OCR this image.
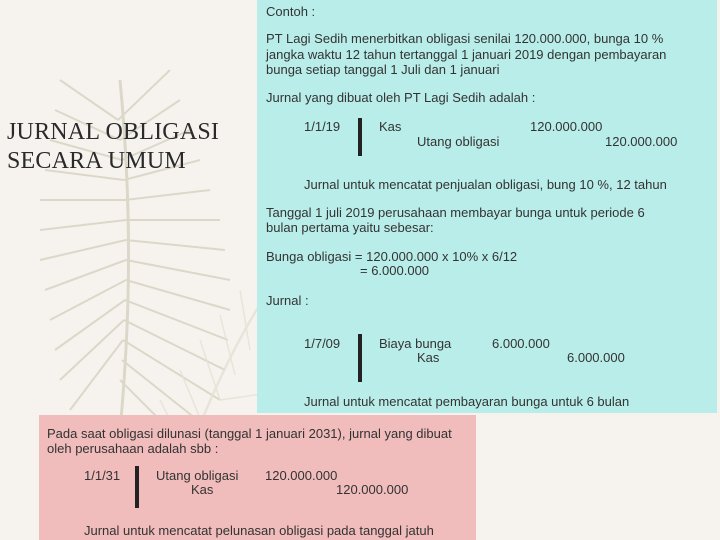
JURNAL OBLIGASI
SECARA UMUM
Contoh :
PT Lagi Sedih menerbitkan obligasi senilai 120.000.000, bunga 10 %
jangka waktu 12 tahun tertanggal 1 januari 2019 dengan pembayaran
bunga setiap tanggal 1 Juli dan 1 januari
Jurnal yang dibuat oleh PT Lagi Sedih adalah :
1/1/19	Kas	120.000.000
Utang obligasi	120.000.000
Jurnal untuk mencatat penjualan obligasi, bung 10 %, 12 tahun
Tanggal 1 juli 2019 perusahaan membayar bunga untuk periode 6
bulan pertama yaitu sebesar:
Bunga obligasi = 120.000.000 x 10% x 6/12
= 6.000.000
Jurnal :
1/7/09	Biaya bunga	6.000.000
Kas	6.000.000
Jurnal untuk mencatat pembayaran bunga untuk 6 bulan
Pada saat obligasi dilunasi (tanggal 1 januari 2031), jurnal yang dibuat
oleh perusahaan adalah sbb :
1/1/31	Utang obligasi 120.000.000
Kas	120.000.000
Jurnal untuk mencatat pelunasan obligasi pada tanggal jatuh
